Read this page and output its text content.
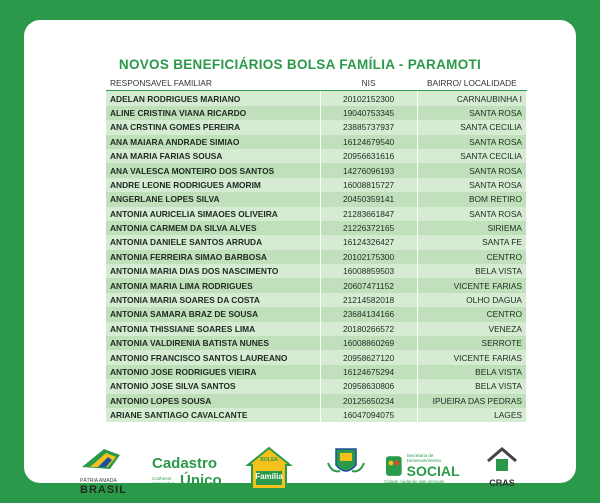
NOVOS BENEFICIÁRIOS BOLSA FAMÍLIA - PARAMOTI
RESPONSAVEL FAMILIAR	NIS	BAIRRO/ LOCALIDADE
ADELAN RODRIGUES MARIANO	20102152300	CARNAUBINHA I
ALINE CRISTINA VIANA RICARDO	19040753345	SANTA ROSA
ANA CRSTINA GOMES PEREIRA	23885737937	SANTA CECILIA
ANA MAIARA ANDRADE SIMIAO	16124679540	SANTA ROSA
ANA MARIA FARIAS SOUSA	20956631616	SANTA CECILIA
ANA VALESCA MONTEIRO DOS SANTOS	14276096193	SANTA ROSA
ANDRE LEONE RODRIGUES AMORIM	16008815727	SANTA ROSA
ANGERLANE LOPES SILVA	20450359141	BOM RETIRO
ANTONIA AURICELIA SIMAOES OLIVEIRA	21283661847	SANTA ROSA
ANTONIA CARMEM DA SILVA ALVES	21226372165	SIRIEMA
ANTONIA DANIELE SANTOS ARRUDA	16124326427	SANTA FE
ANTONIA FERREIRA SIMAO BARBOSA	20102175300	CENTRO
ANTONIA MARIA DIAS DOS NASCIMENTO	16008859503	BELA VISTA
ANTONIA MARIA LIMA RODRIGUES	20607471152	VICENTE FARIAS
ANTONIA MARIA SOARES DA COSTA	21214582018	OLHO DAGUA
ANTONIA SAMARA BRAZ DE SOUSA	23684134166	CENTRO
ANTONIA THISSIANE SOARES LIMA	20180266572	VENEZA
ANTONIA VALDIRENIA BATISTA NUNES	16008860269	SERROTE
ANTONIO FRANCISCO SANTOS LAUREANO	20958627120	VICENTE FARIAS
ANTONIO JOSE RODRIGUES VIEIRA	16124675294	BELA VISTA
ANTONIO JOSE SILVA SANTOS	20958630806	BELA VISTA
ANTONIO LOPES SOUSA	20125650234	IPUEIRA DAS PEDRAS
ARIANE SANTIAGO CAVALCANTE	16047094075	LAGES
PÁTRIA AMADA
BRASIL
Cadastro
Conhecer para incluir Único
BOLSA
Família
PARAMOTI
Secretaria de Desenvolvimento
SOCIAL
Cidade cuidando das pessoas	CRAS
